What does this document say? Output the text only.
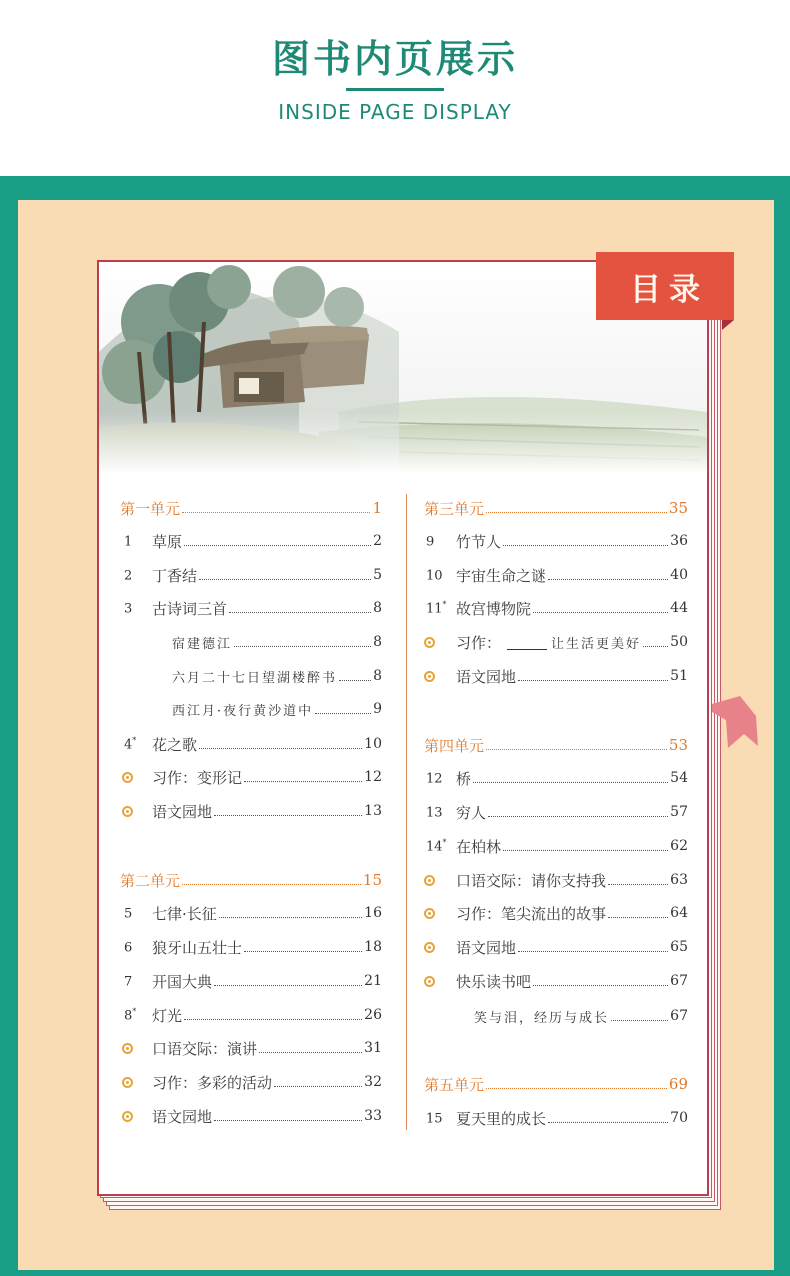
图书内页展示
INSIDE PAGE DISPLAY
目录
第一单元	1
1	草原	2
2	丁香结	5
3	古诗词三首	8
宿建德江	8
六月二十七日望湖楼醉书	8
西江月·夜行黄沙道中	9
4*	花之歌	10
习作：变形记	12
语文园地	13
第二单元	15
5	七律·长征	16
6	狼牙山五壮士	18
7	开国大典	21
8*	灯光	26
口语交际：演讲	31
习作：多彩的活动	32
语文园地	33
第三单元	35
9	竹节人	36
10 宇宙生命之谜	40
11* 故宫博物院	44
习作：	让生活更美好 50
语文园地	51
第四单元	53
12 桥	54
13 穷人	57
14* 在柏林	62
口语交际：请你支持我	63
习作：笔尖流出的故事	64
语文园地	65
快乐读书吧	67
笑与泪，经历与成长	67
第五单元	69
15 夏天里的成长	70
